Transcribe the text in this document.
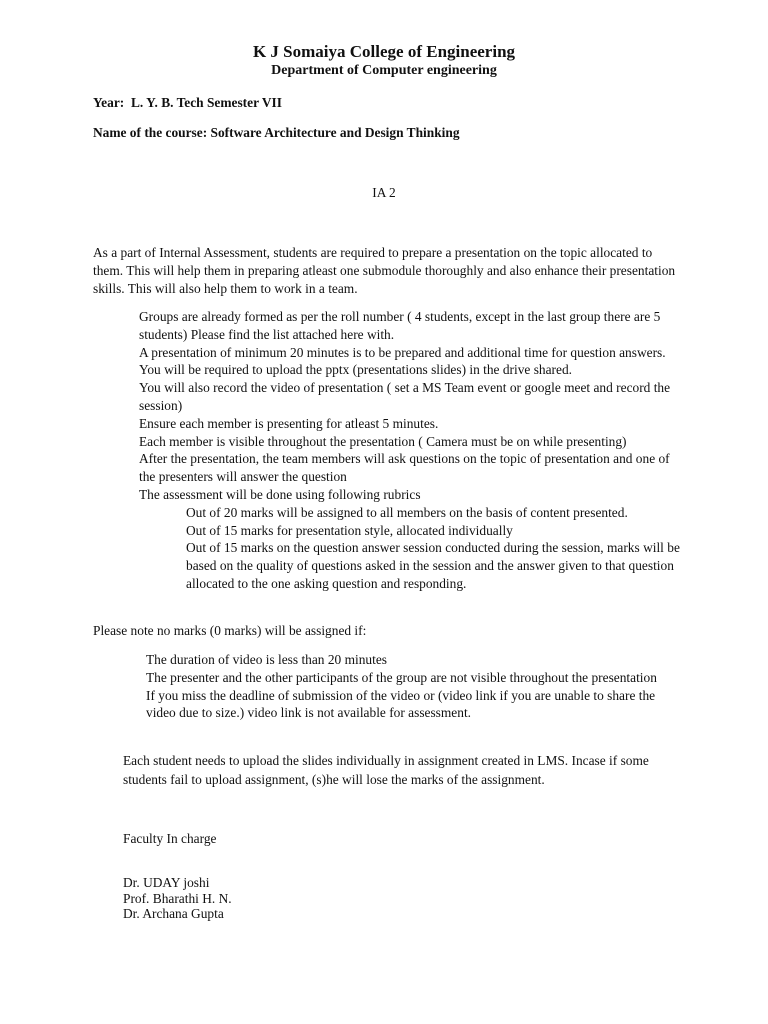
K J Somaiya College of Engineering
Department of Computer engineering
Year: L. Y. B. Tech Semester VII
Name of the course: Software Architecture and Design Thinking
IA 2

As a part of Internal Assessment, students are required to prepare a presentation on the topic allocated to them. This will help them in preparing atleast one submodule thoroughly and also enhance their presentation skills. This will also help them to work in a team.

Groups are already formed as per the roll number ( 4 students, except in the last group there are 5 students) Please find the list attached here with.
A presentation of minimum 20 minutes is to be prepared and additional time for question answers.
You will be required to upload the pptx (presentations slides) in the drive shared.
You will also record the video of presentation ( set a MS Team event or google meet and record the session)
Ensure each member is presenting for atleast 5 minutes.
Each member is visible throughout the presentation ( Camera must be on while presenting)
After the presentation, the team members will ask questions on the topic of presentation and one of the presenters will answer the question
The assessment will be done using following rubrics
Out of 20 marks will be assigned to all members on the basis of content presented.
Out of 15 marks for presentation style, allocated individually
Out of 15 marks on the question answer session conducted during the session, marks will be based on the quality of questions asked in the session and the answer given to that question allocated to the one asking question and responding.

Please note no marks (0 marks) will be assigned if:

The duration of video is less than 20 minutes
The presenter and the other participants of the group are not visible throughout the presentation
If you miss the deadline of submission of the video or (video link if you are unable to share the video due to size.) video link is not available for assessment.

Each student needs to upload the slides individually in assignment created in LMS. Incase if some students fail to upload assignment, (s)he will lose the marks of the assignment.

Faculty In charge
Dr. UDAY joshi
Prof. Bharathi H. N.
Dr. Archana Gupta
